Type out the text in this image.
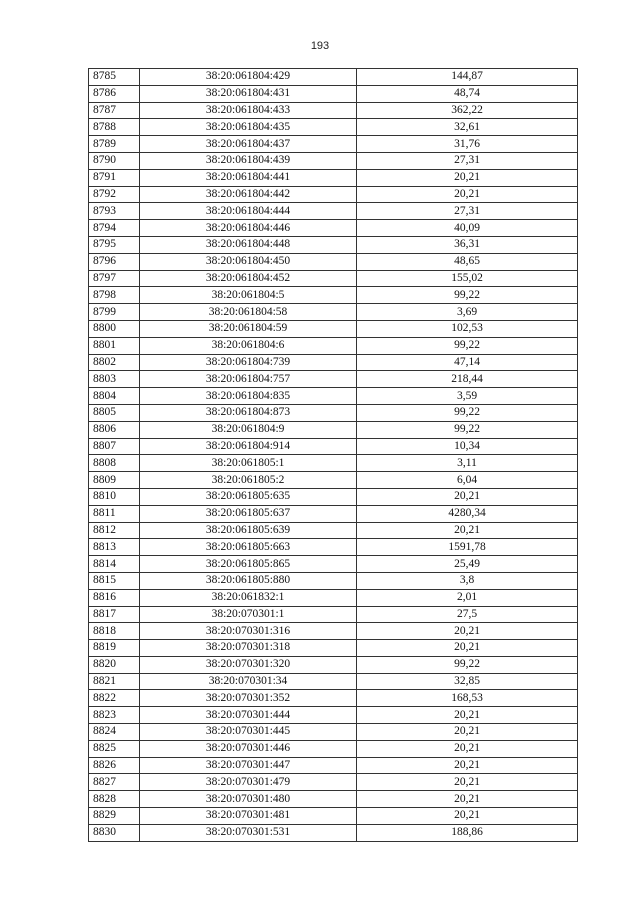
193
8785	38:20:061804:429	144,87
8786	38:20:061804:431	48,74
8787	38:20:061804:433	362,22
8788	38:20:061804:435	32,61
8789	38:20:061804:437	31,76
8790	38:20:061804:439	27,31
8791	38:20:061804:441	20,21
8792	38:20:061804:442	20,21
8793	38:20:061804:444	27,31
8794	38:20:061804:446	40,09
8795	38:20:061804:448	36,31
8796	38:20:061804:450	48,65
8797	38:20:061804:452	155,02
8798	38:20:061804:5	99,22
8799	38:20:061804:58	3,69
8800	38:20:061804:59	102,53
8801	38:20:061804:6	99,22
8802	38:20:061804:739	47,14
8803	38:20:061804:757	218,44
8804	38:20:061804:835	3,59
8805	38:20:061804:873	99,22
8806	38:20:061804:9	99,22
8807	38:20:061804:914	10,34
8808	38:20:061805:1	3,11
8809	38:20:061805:2	6,04
8810	38:20:061805:635	20,21
8811	38:20:061805:637	4280,34
8812	38:20:061805:639	20,21
8813	38:20:061805:663	1591,78
8814	38:20:061805:865	25,49
8815	38:20:061805:880	3,8
8816	38:20:061832:1	2,01
8817	38:20:070301:1	27,5
8818	38:20:070301:316	20,21
8819	38:20:070301:318	20,21
8820	38:20:070301:320	99,22
8821	38:20:070301:34	32,85
8822	38:20:070301:352	168,53
8823	38:20:070301:444	20,21
8824	38:20:070301:445	20,21
8825	38:20:070301:446	20,21
8826	38:20:070301:447	20,21
8827	38:20:070301:479	20,21
8828	38:20:070301:480	20,21
8829	38:20:070301:481	20,21
8830	38:20:070301:531	188,86
